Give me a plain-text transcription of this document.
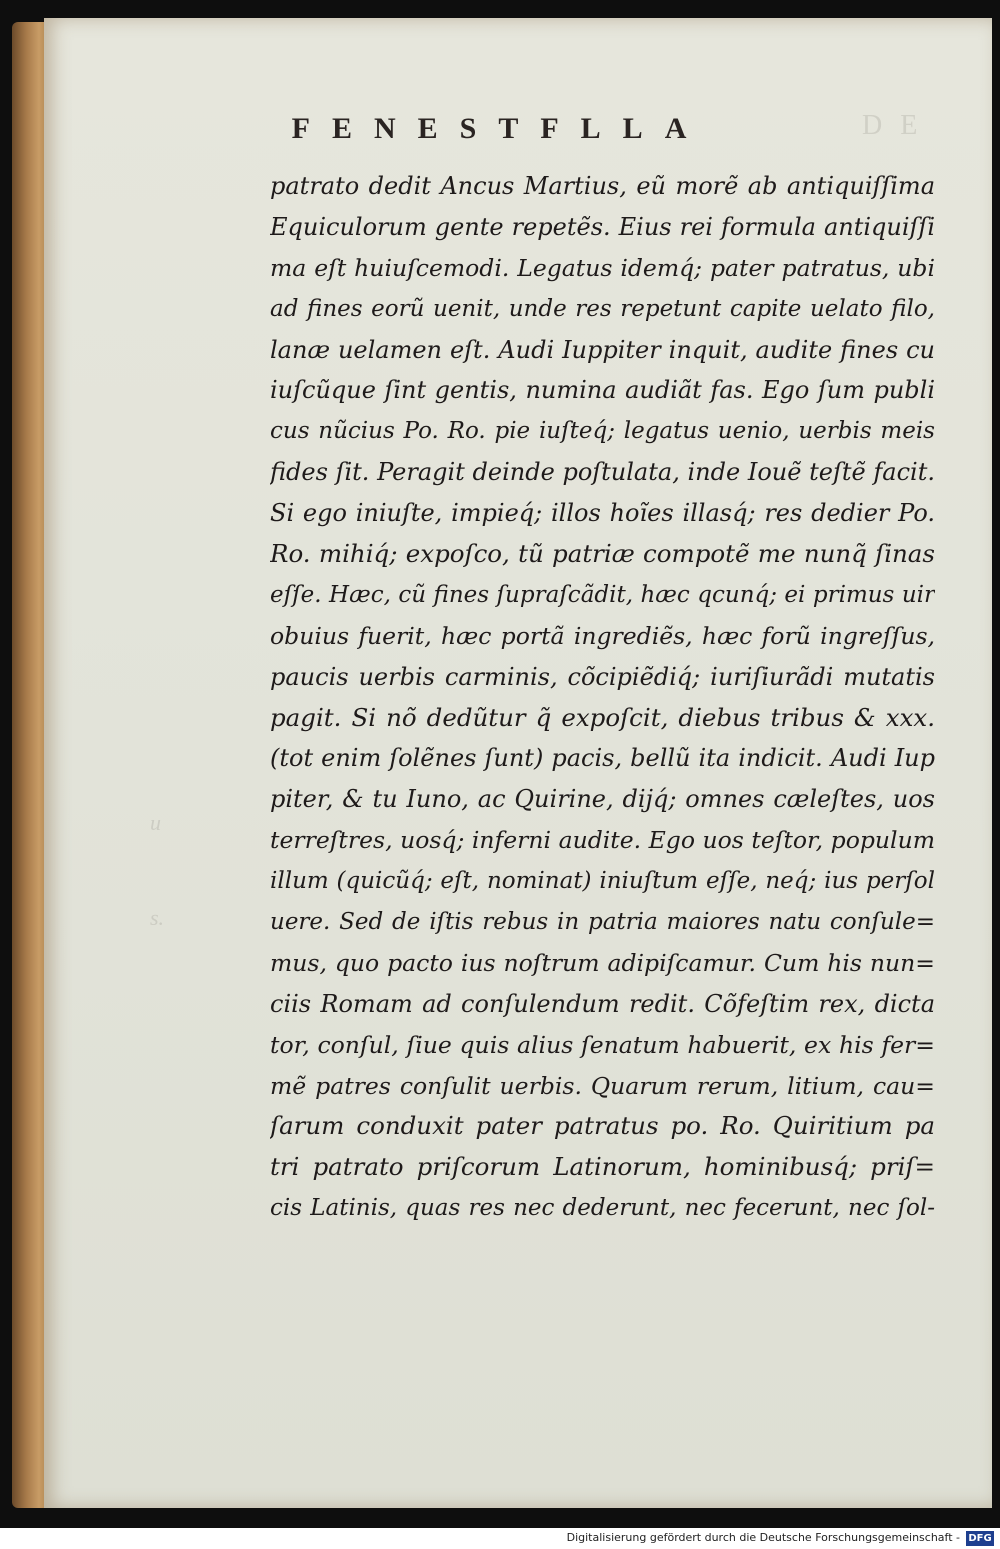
DE
u
s.
FENESTFLLA
patrato dedit Ancus Martius, eũ morẽ ab antiquiſſima
Equiculorum gente repetẽs. Eius rei formula antiquiſſi
ma eſt huiuſcemodi. Legatus idemq́; pater patratus, ubi
ad fines eorũ uenit, unde res repetunt capite uelato filo,
lanæ uelamen eſt. Audi Iuppiter inquit, audite fines cu
iuſcũque ſint gentis, numina audiãt fas. Ego ſum publi
cus nũcius Po. Ro. pie iuſteq́; legatus uenio, uerbis meis
fides ſit. Peragit deinde poſtulata, inde Iouẽ teſtẽ facit.
Si ego iniuſte, impieq́; illos hoĩes illasq́; res dedier Po.
Ro. mihiq́; expoſco, tũ patriæ compotẽ me nunq̃ ſinas
eſſe. Hæc, cũ fines ſupraſcãdit, hæc qcunq́; ei primus uir
obuius fuerit, hæc portã ingrediẽs, hæc forũ ingreſſus,
paucis uerbis carminis, cõcipiẽdiq́; iuriſiurãdi mutatis
pagit. Si nõ dedũtur q̃ expoſcit, diebus tribus & xxx.
(tot enim ſolẽnes ſunt) pacis, bellũ ita indicit. Audi Iup
piter, & tu Iuno, ac Quirine, dijq́; omnes cæleſtes, uos
terreſtres, uosq́; inferni audite. Ego uos teſtor, populum
illum (quicũq́; eſt, nominat) iniuſtum eſſe, neq́; ius perſol
uere. Sed de iſtis rebus in patria maiores natu conſule=
mus, quo pacto ius noſtrum adipiſcamur. Cum his nun=
ciis Romam ad conſulendum redit. Cõfeſtim rex, dicta
tor, conſul, ſiue quis alius ſenatum habuerit, ex his fer=
mẽ patres conſulit uerbis. Quarum rerum, litium, cau=
ſarum conduxit pater patratus po. Ro. Quiritium pa
tri patrato priſcorum Latinorum, hominibusq́; priſ=
cis Latinis, quas res nec dederunt, nec fecerunt, nec ſol-
Digitalisierung gefördert durch die Deutsche Forschungsgemeinschaft - DFG
